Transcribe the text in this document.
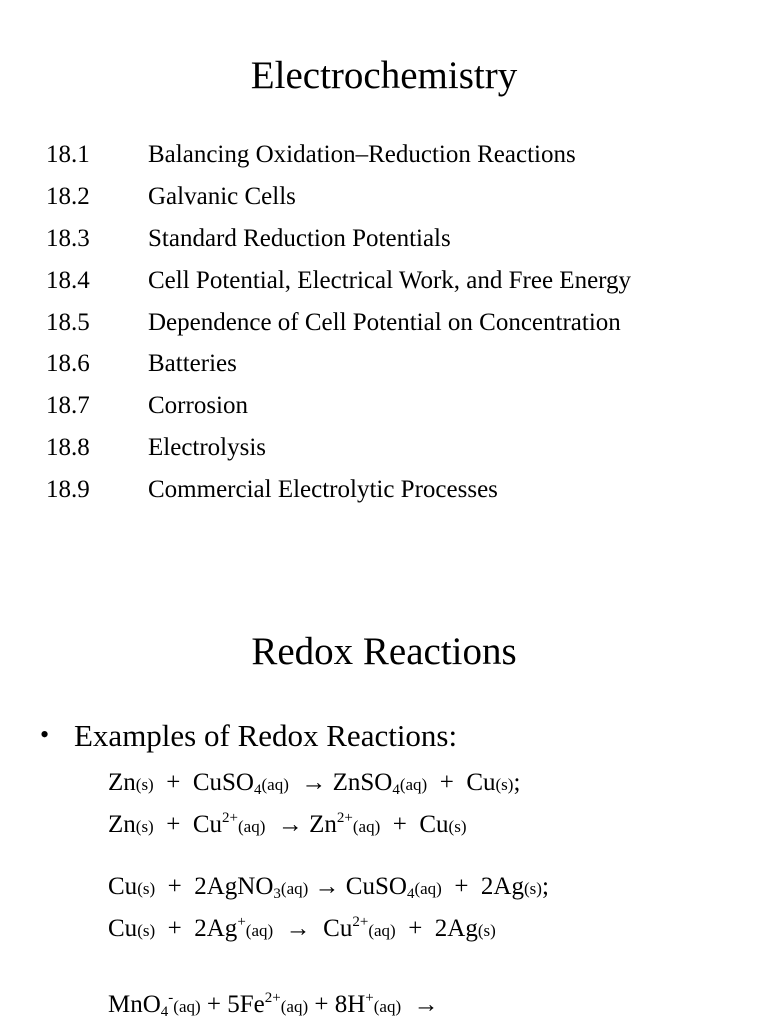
Electrochemistry
18.1 Balancing Oxidation–Reduction Reactions
18.2 Galvanic Cells
18.3 Standard Reduction Potentials
18.4 Cell Potential, Electrical Work, and Free Energy
18.5 Dependence of Cell Potential on Concentration
18.6 Batteries
18.7 Corrosion
18.8 Electrolysis
18.9 Commercial Electrolytic Processes
Redox Reactions
• Examples of Redox Reactions:
Zn(s) + CuSO$_4$(aq) → ZnSO$_4$(aq) + Cu(s);
$Zn(s) + Cu^{2+}(aq) \to Zn^{2+}(aq) + Cu(s)$
Cu(s) + 2AgNO$_3$(aq) → CuSO$_4$(aq) + 2Ag(s);
$Cu(s) + 2Ag^+(aq) \to Cu^{2+}(aq) + 2Ag(s)$
$MnO_4^-(aq) + 5Fe^{2+}(aq) + 8H^+(aq)$ →
